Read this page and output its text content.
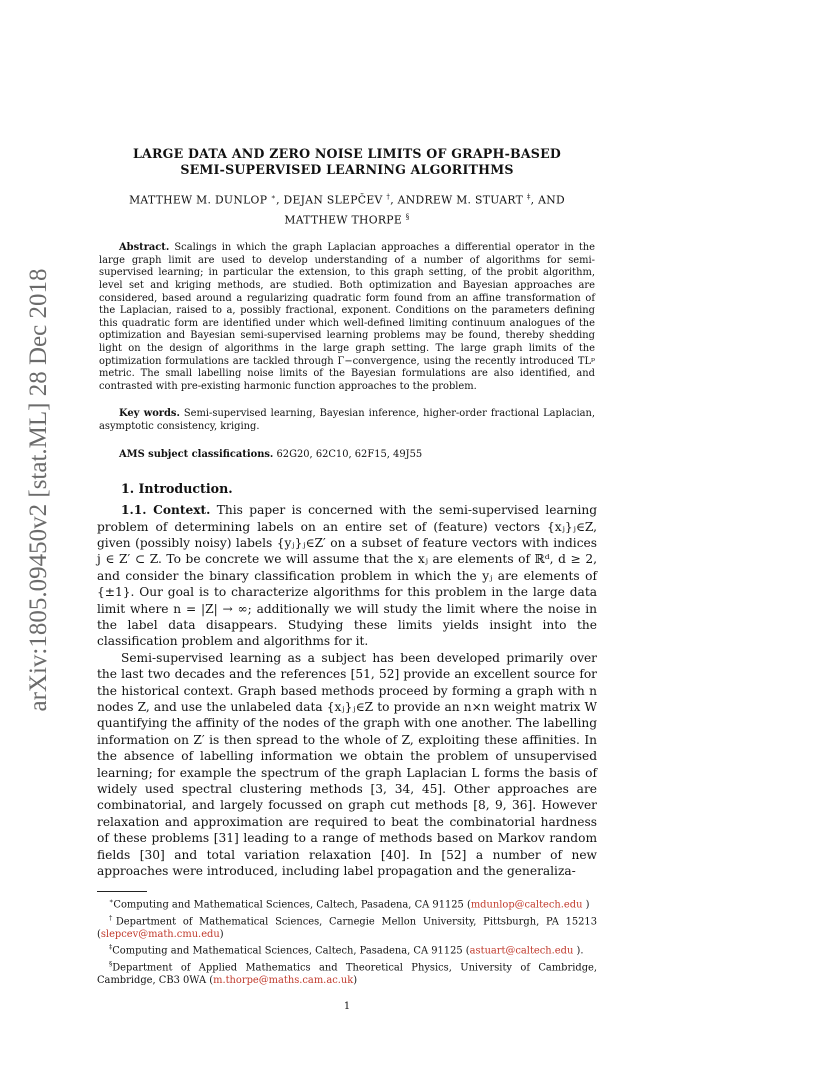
arXiv:1805.09450v2 [stat.ML] 28 Dec 2018
LARGE DATA AND ZERO NOISE LIMITS OF GRAPH-BASED
SEMI-SUPERVISED LEARNING ALGORITHMS
MATTHEW M. DUNLOP ∗, DEJAN SLEPČEV †, ANDREW M. STUART ‡, AND
MATTHEW THORPE §

Abstract. Scalings in which the graph Laplacian approaches a differential operator in the large graph limit are used to develop understanding of a number of algorithms for semi-supervised learning; in particular the extension, to this graph setting, of the probit algorithm, level set and kriging methods, are studied. Both optimization and Bayesian approaches are considered, based around a regularizing quadratic form found from an affine transformation of the Laplacian, raised to a, possibly fractional, exponent. Conditions on the parameters defining this quadratic form are identified under which well-defined limiting continuum analogues of the optimization and Bayesian semi-supervised learning problems may be found, thereby shedding light on the design of algorithms in the large graph setting. The large graph limits of the optimization formulations are tackled through Γ−convergence, using the recently introduced TLᵖ metric. The small labelling noise limits of the Bayesian formulations are also identified, and contrasted with pre-existing harmonic function approaches to the problem.

Key words. Semi-supervised learning, Bayesian inference, higher-order fractional Laplacian, asymptotic consistency, kriging.

AMS subject classifications. 62G20, 62C10, 62F15, 49J55

1. Introduction.

1.1. Context. This paper is concerned with the semi-supervised learning problem of determining labels on an entire set of (feature) vectors {xⱼ}ⱼ∈Z, given (possibly noisy) labels {yⱼ}ⱼ∈Z′ on a subset of feature vectors with indices j ∈ Z′ ⊂ Z. To be concrete we will assume that the xⱼ are elements of ℝᵈ, d ≥ 2, and consider the binary classification problem in which the yⱼ are elements of {±1}. Our goal is to characterize algorithms for this problem in the large data limit where n = |Z| → ∞; additionally we will study the limit where the noise in the label data disappears. Studying these limits yields insight into the classification problem and algorithms for it.

Semi-supervised learning as a subject has been developed primarily over the last two decades and the references [51, 52] provide an excellent source for the historical context. Graph based methods proceed by forming a graph with n nodes Z, and use the unlabeled data {xⱼ}ⱼ∈Z to provide an n×n weight matrix W quantifying the affinity of the nodes of the graph with one another. The labelling information on Z′ is then spread to the whole of Z, exploiting these affinities. In the absence of labelling information we obtain the problem of unsupervised learning; for example the spectrum of the graph Laplacian L forms the basis of widely used spectral clustering methods [3, 34, 45]. Other approaches are combinatorial, and largely focussed on graph cut methods [8, 9, 36]. However relaxation and approximation are required to beat the combinatorial hardness of these problems [31] leading to a range of methods based on Markov random fields [30] and total variation relaxation [40]. In [52] a number of new approaches were introduced, including label propagation and the generaliza-

∗Computing and Mathematical Sciences, Caltech, Pasadena, CA 91125 (mdunlop@caltech.edu )

†Department of Mathematical Sciences, Carnegie Mellon University, Pittsburgh, PA 15213 (slepcev@math.cmu.edu)

‡Computing and Mathematical Sciences, Caltech, Pasadena, CA 91125 (astuart@caltech.edu ).

§Department of Applied Mathematics and Theoretical Physics, University of Cambridge, Cambridge, CB3 0WA (m.thorpe@maths.cam.ac.uk)

1
